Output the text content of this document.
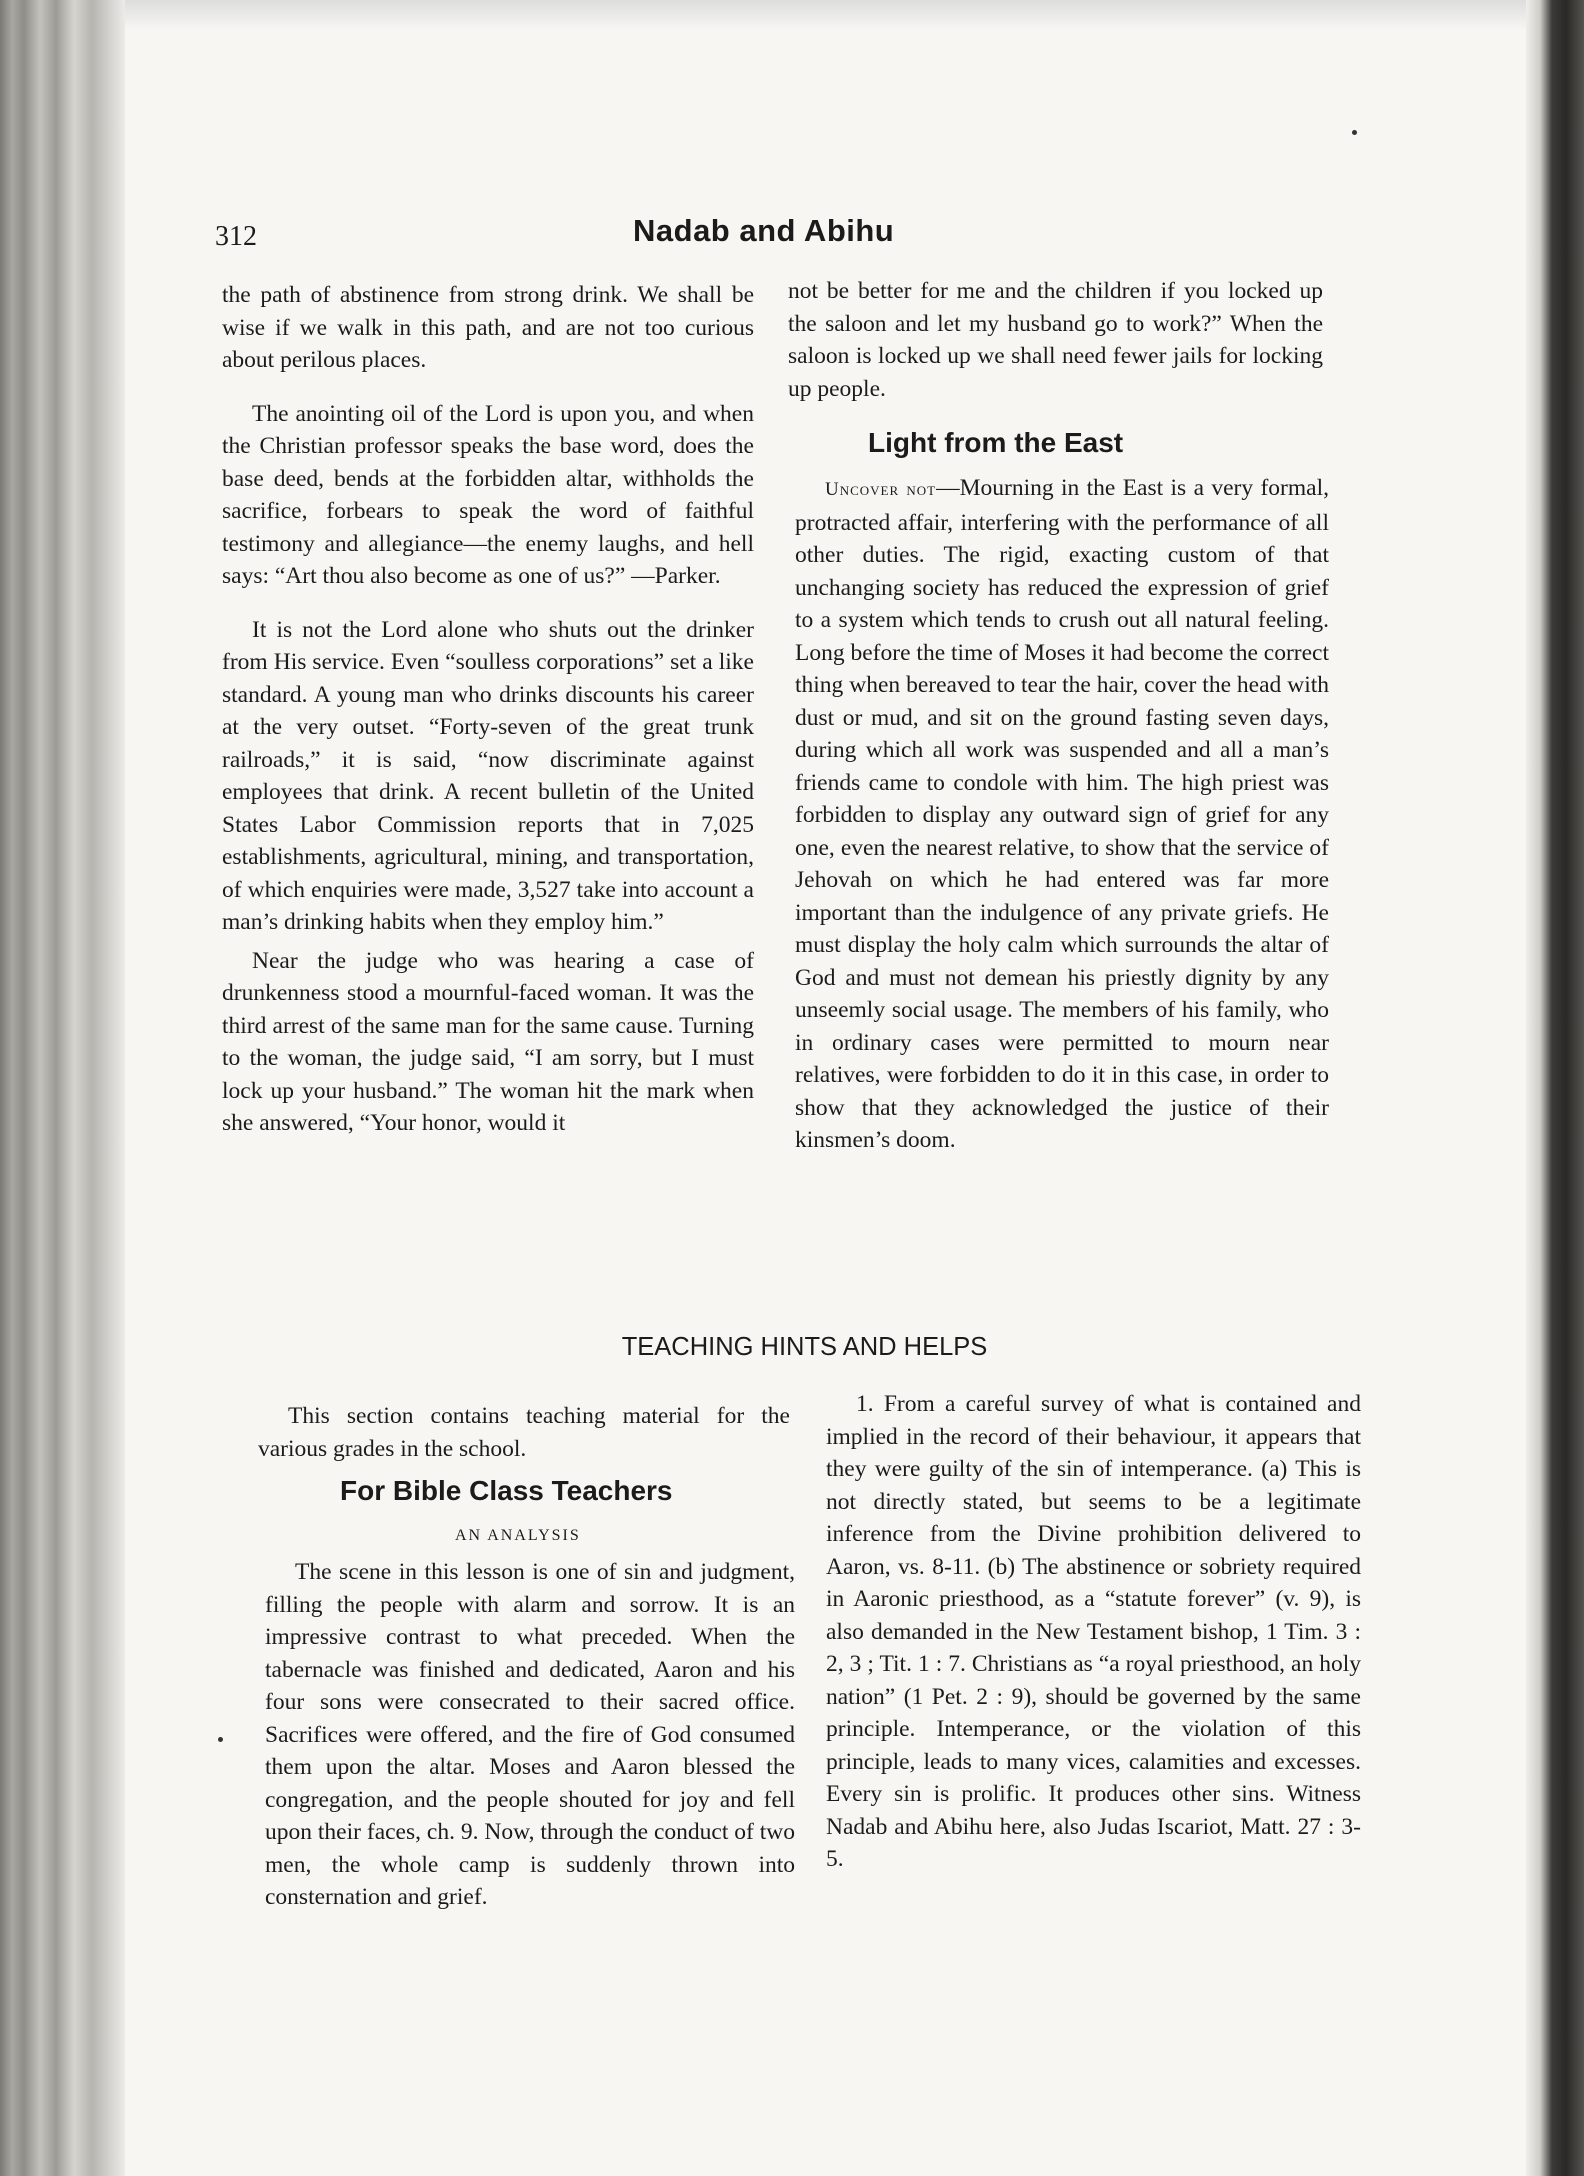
312	Nadab and Abihu

the path of abstinence from strong drink. We shall be wise if we walk in this path, and are not too curious about perilous places.

The anointing oil of the Lord is upon you, and when the Christian professor speaks the base word, does the base deed, bends at the forbidden altar, withholds the sacrifice, forbears to speak the word of faithful testimony and allegiance—the enemy laughs, and hell says: “Art thou also become as one of us?” —Parker.

It is not the Lord alone who shuts out the drinker from His service. Even “soulless corporations” set a like standard. A young man who drinks discounts his career at the very outset. “Forty-seven of the great trunk railroads,” it is said, “now discriminate against employees that drink. A recent bulletin of the United States Labor Commission reports that in 7,025 establishments, agricultural, mining, and transportation, of which enquiries were made, 3,527 take into account a man’s drinking habits when they employ him.”

Near the judge who was hearing a case of drunkenness stood a mournful-faced woman. It was the third arrest of the same man for the same cause. Turning to the woman, the judge said, “I am sorry, but I must lock up your husband.” The woman hit the mark when she answered, “Your honor, would it

not be better for me and the children if you locked up the saloon and let my husband go to work?” When the saloon is locked up we shall need fewer jails for locking up people.

Light from the East

Uncover not—Mourning in the East is a very formal, protracted affair, interfering with the performance of all other duties. The rigid, exacting custom of that unchanging society has reduced the expression of grief to a system which tends to crush out all natural feeling. Long before the time of Moses it had become the correct thing when bereaved to tear the hair, cover the head with dust or mud, and sit on the ground fasting seven days, during which all work was suspended and all a man’s friends came to condole with him. The high priest was forbidden to display any outward sign of grief for any one, even the nearest relative, to show that the service of Jehovah on which he had entered was far more important than the indulgence of any private griefs. He must display the holy calm which surrounds the altar of God and must not demean his priestly dignity by any unseemly social usage. The members of his family, who in ordinary cases were permitted to mourn near relatives, were forbidden to do it in this case, in order to show that they acknowledged the justice of their kinsmen’s doom.

TEACHING HINTS AND HELPS

This section contains teaching material for the various grades in the school.

For Bible Class Teachers
AN ANALYSIS

The scene in this lesson is one of sin and judgment, filling the people with alarm and sorrow. It is an impressive contrast to what preceded. When the tabernacle was finished and dedicated, Aaron and his four sons were consecrated to their sacred office. Sacrifices were offered, and the fire of God consumed them upon the altar. Moses and Aaron blessed the congregation, and the people shouted for joy and fell upon their faces, ch. 9. Now, through the conduct of two men, the whole camp is suddenly thrown into consternation and grief.

1. From a careful survey of what is contained and implied in the record of their behaviour, it appears that they were guilty of the sin of intemperance. (a) This is not directly stated, but seems to be a legitimate inference from the Divine prohibition delivered to Aaron, vs. 8-11. (b) The abstinence or sobriety required in Aaronic priesthood, as a “statute forever” (v. 9), is also demanded in the New Testament bishop, 1 Tim. 3 : 2, 3 ; Tit. 1 : 7. Christians as “a royal priesthood, an holy nation” (1 Pet. 2 : 9), should be governed by the same principle. Intemperance, or the violation of this principle, leads to many vices, calamities and excesses. Every sin is prolific. It produces other sins. Witness Nadab and Abihu here, also Judas Iscariot, Matt. 27 : 3-5.
